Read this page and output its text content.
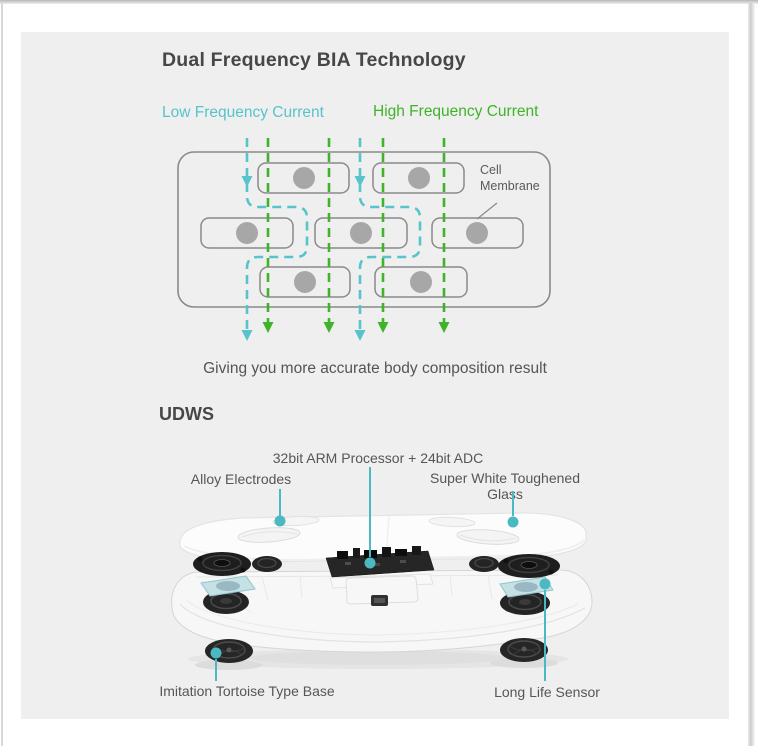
Dual Frequency BIA Technology
Low Frequency Current	High Frequency Current
Cell Membrane
Giving you more accurate body composition result
UDWS
32bit ARM Processor + 24bit ADC
Alloy Electrodes	Super White Toughened Glass
Imitation Tortoise Type Base	Long Life Sensor
